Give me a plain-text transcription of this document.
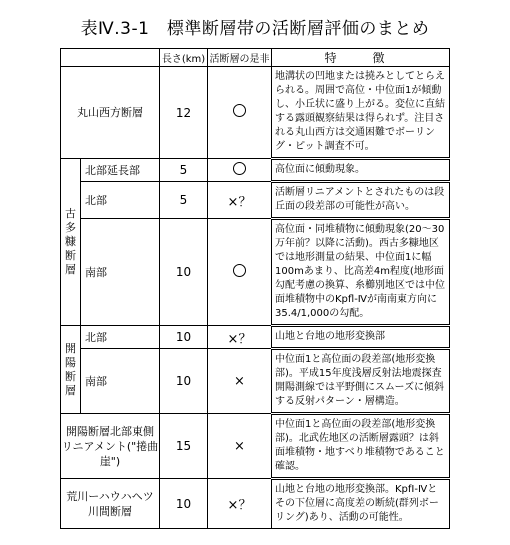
表Ⅳ.3-1　標準断層帯の活断層評価のまとめ
		長さ(km)	活断層の是非	特　徴
丸山西方断層		12		地溝状の凹地または撓みとしてとらえられる。周囲で高位・中位面1が傾動し、小丘状に盛り上がる。変位に直結する露頭観察結果は得られず。注目される丸山西方は交通困難でボーリング・ピット調査不可。

古
多
糠
断
層	北部延長部	5		高位面に傾動現象。
	北部	5	×？	活断層リニアメントとされたものは段丘面の段差部の可能性が高い。
	南部	10		高位面・同堆積物に傾動現象(20～30万年前？以降に活動)。西古多糠地区では地形測量の結果、中位面1に幅100mあまり、比高差4m程度(地形面勾配考慮の換算、糸櫛別地区では中位面堆積物中のKpfl-Ⅳが南南東方向に35.4/1,000の勾配。

開
陽
断
層	北部	10	×？	山地と台地の地形変換部
	南部	10	×	中位面1と高位面の段差部(地形変換部)。平成15年度浅層反射法地震探査開陽測線では平野側にスムーズに傾斜する反射パターン・層構造。
開陽断層北部東側リニアメント("捲曲崖")		15	×	中位面1と高位面の段差部(地形変換部)。北武佐地区の活断層露頭？は斜面堆積物・地すべり堆積物であること確認。
荒川ーハウハヘツ川間断層		10	×？	山地と台地の地形変換部。KpfI-Ⅳとその下位層に高度差の断続(群列ボーリング)あり、活動の可能性。
